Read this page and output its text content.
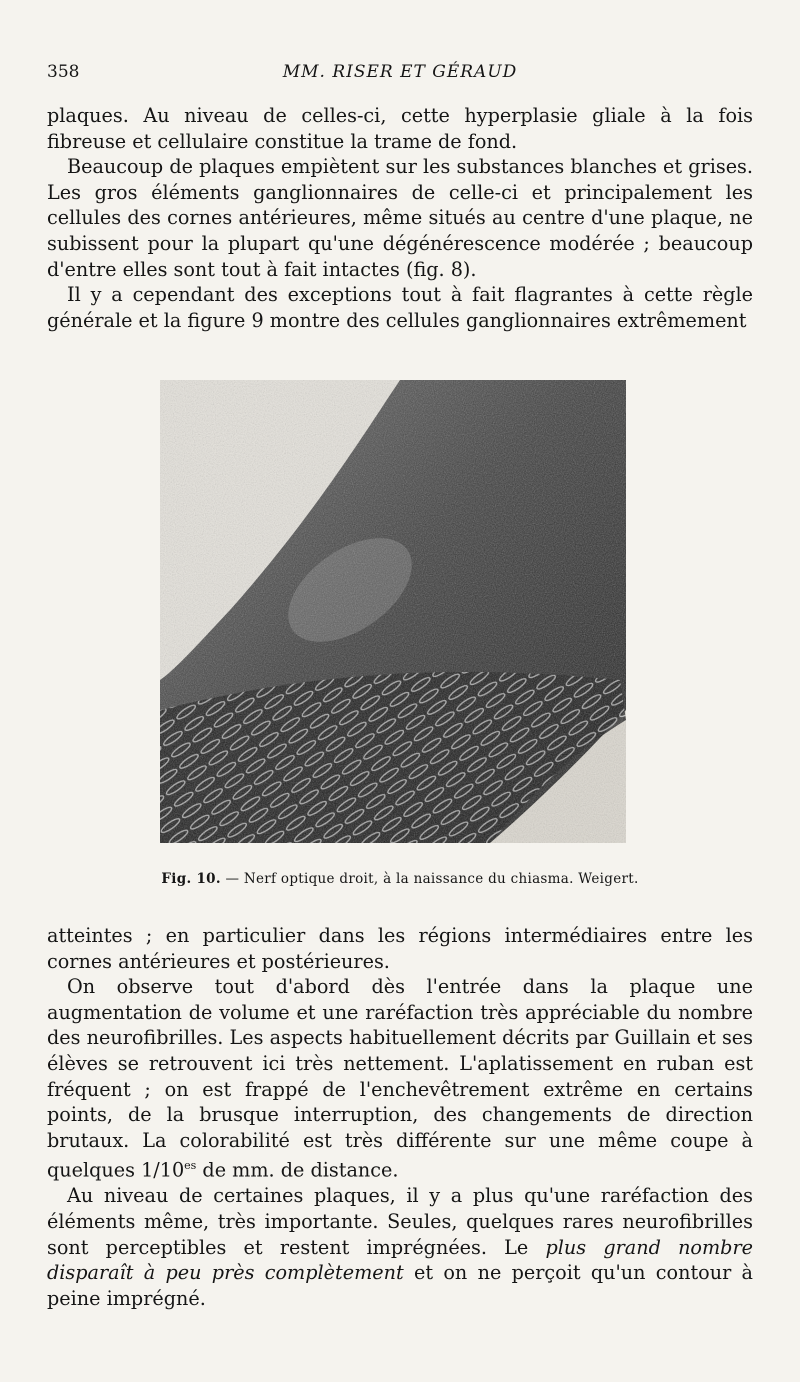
358	MM. RISER ET GÉRAUD

plaques. Au niveau de celles-ci, cette hyperplasie gliale à la fois fibreuse et cellulaire constitue la trame de fond.

Beaucoup de plaques empiètent sur les substances blanches et grises. Les gros éléments ganglionnaires de celle-ci et principalement les cellules des cornes antérieures, même situés au centre d'une plaque, ne subissent pour la plupart qu'une dégénérescence modérée ; beaucoup d'entre elles sont tout à fait intactes (fig. 8).

Il y a cependant des exceptions tout à fait flagrantes à cette règle générale et la figure 9 montre des cellules ganglionnaires extrêmement

Fig. 10. — Nerf optique droit, à la naissance du chiasma. Weigert.

atteintes ; en particulier dans les régions intermédiaires entre les cornes antérieures et postérieures.

On observe tout d'abord dès l'entrée dans la plaque une augmentation de volume et une raréfaction très appréciable du nombre des neurofibrilles. Les aspects habituellement décrits par Guillain et ses élèves se retrouvent ici très nettement. L'aplatissement en ruban est fréquent ; on est frappé de l'enchevêtrement extrême en certains points, de la brusque interruption, des changements de direction brutaux. La colorabilité est très différente sur une même coupe à quelques $1/10^{es}$ de mm. de distance.

Au niveau de certaines plaques, il y a plus qu'une raréfaction des éléments même, très importante. Seules, quelques rares neurofibrilles sont perceptibles et restent imprégnées. Le plus grand nombre disparaît à peu près complètement et on ne perçoit qu'un contour à peine imprégné.
